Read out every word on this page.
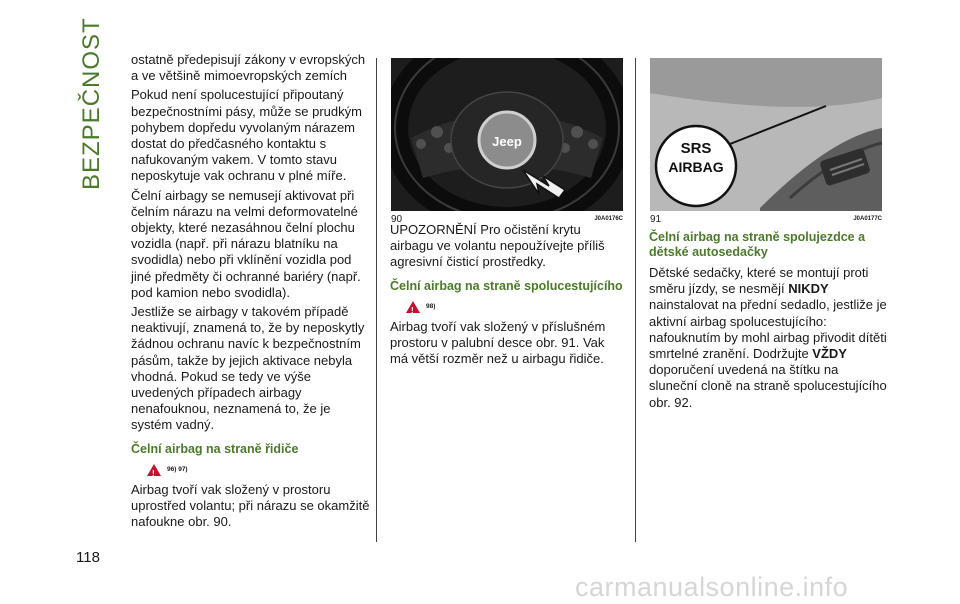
BEZPEČNOST ostatně předepisují zákony v evropských a ve většině mimoevropských zemích

Pokud není spolucestující připoutaný bezpečnostními pásy, může se prudkým pohybem dopředu vyvolaným nárazem dostat do předčasného kontaktu s nafukovaným vakem. V tomto stavu neposkytuje vak ochranu v plné míře.

Čelní airbagy se nemusejí aktivovat při čelním nárazu na velmi deformovatelné objekty, které nezasáhnou čelní plochu vozidla (např. při nárazu blatníku na svodidla) nebo při vklínění vozidla pod jiné předměty či ochranné bariéry (např. pod kamion nebo svodidla).

Jestliže se airbagy v takovém případě neaktivují, znamená to, že by neposkytly žádnou ochranu navíc k bezpečnostním pásům, takže by jejich aktivace nebyla vhodná. Pokud se tedy ve výše uvedených případech airbagy nenafouknou, neznamená to, že je systém vadný.

Čelní airbag na straně řidiče
! 96) 97)

Airbag tvoří vak složený v prostoru uprostřed volantu; při nárazu se okamžitě nafoukne obr. 90.

Jeep
90	J0A0176C

UPOZORNĚNÍ Pro očistění krytu airbagu ve volantu nepoužívejte příliš agresivní čisticí prostředky.

Čelní airbag na straně spolucestujícího
! 98)

Airbag tvoří vak složený v příslušném prostoru v palubní desce obr. 91. Vak má větší rozměr než u airbagu řidiče.

SRS
AIRBAG
91	J0A0177C
Čelní airbag na straně spolujezdce a dětské autosedačky

Dětské sedačky, které se montují proti směru jízdy, se nesmějí NIKDY nainstalovat na přední sedadlo, jestliže je aktivní airbag spolucestujícího: nafouknutím by mohl airbag přivodit dítěti smrtelné zranění. Dodržujte VŽDY doporučení uvedená na štítku na sluneční cloně na straně spolucestujícího obr. 92.

118
carmanualsonline.info
